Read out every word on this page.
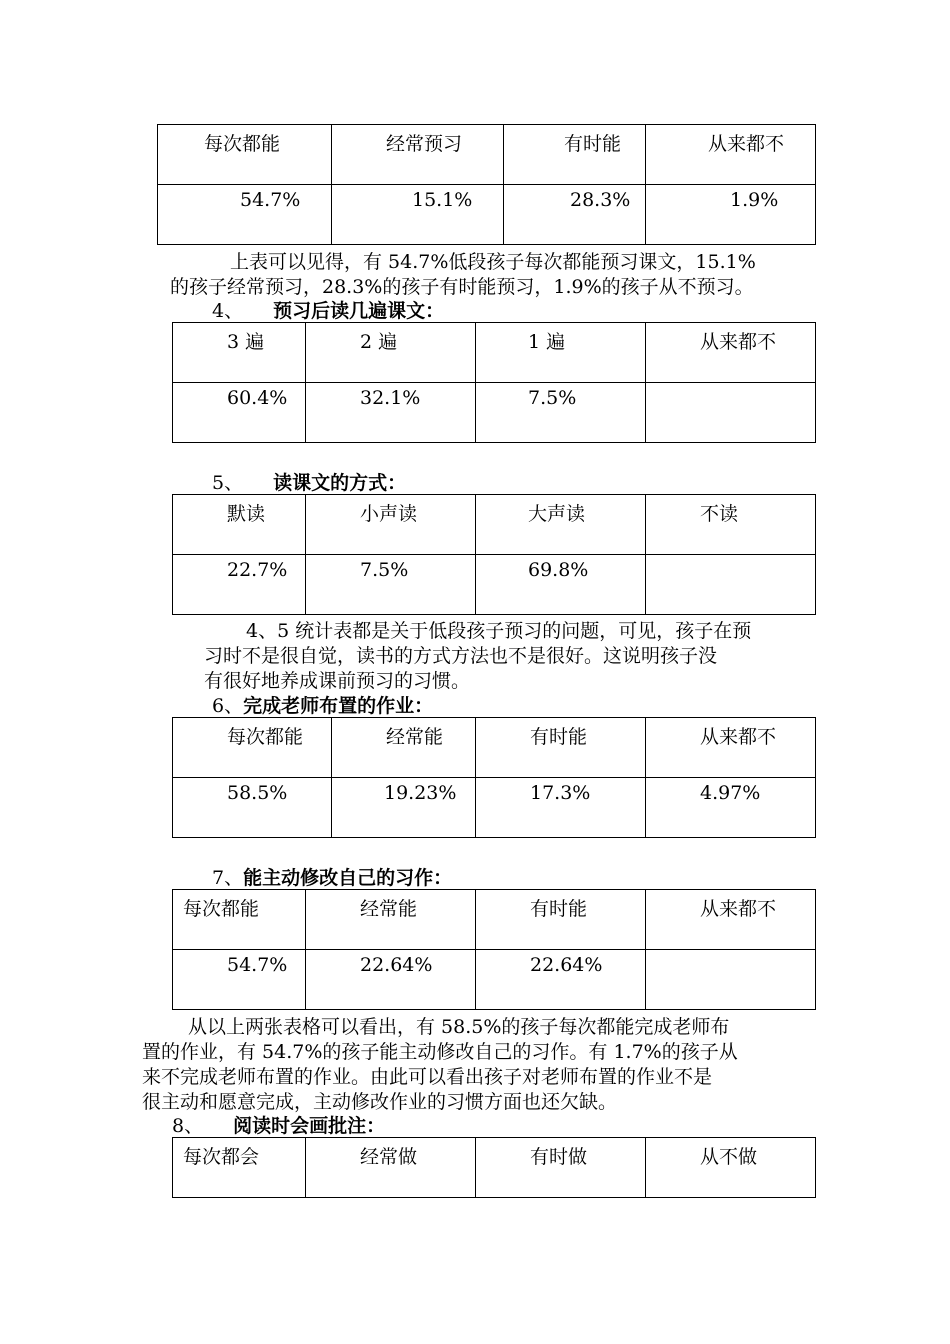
每次都能	经常预习	有时能	从来都不
54.7%	15.1%	28.3%	1.9%

上表可以见得，有 54.7%低段孩子每次都能预习课文，15.1%

的孩子经常预习，28.3%的孩子有时能预习，1.9%的孩子从不预习。

4、 预习后读几遍课文：
3 遍	2 遍	1 遍	从来都不
60.4%	32.1%	7.5%	
5、 读课文的方式：
默读	小声读	大声读	不读
22.7%	7.5%	69.8%	

4、5 统计表都是关于低段孩子预习的问题，可见，孩子在预

习时不是很自觉，读书的方式方法也不是很好。这说明孩子没

有很好地养成课前预习的习惯。

6、完成老师布置的作业：
每次都能	经常能	有时能	从来都不
58.5%	19.23%	17.3%	4.97%
7、能主动修改自己的习作：
每次都能	经常能	有时能	从来都不
54.7%	22.64%	22.64%	

从以上两张表格可以看出，有 58.5%的孩子每次都能完成老师布

置的作业，有 54.7%的孩子能主动修改自己的习作。有 1.7%的孩子从

来不完成老师布置的作业。由此可以看出孩子对老师布置的作业不是

很主动和愿意完成，主动修改作业的习惯方面也还欠缺。

8、 阅读时会画批注：
每次都会	经常做	有时做	从不做
